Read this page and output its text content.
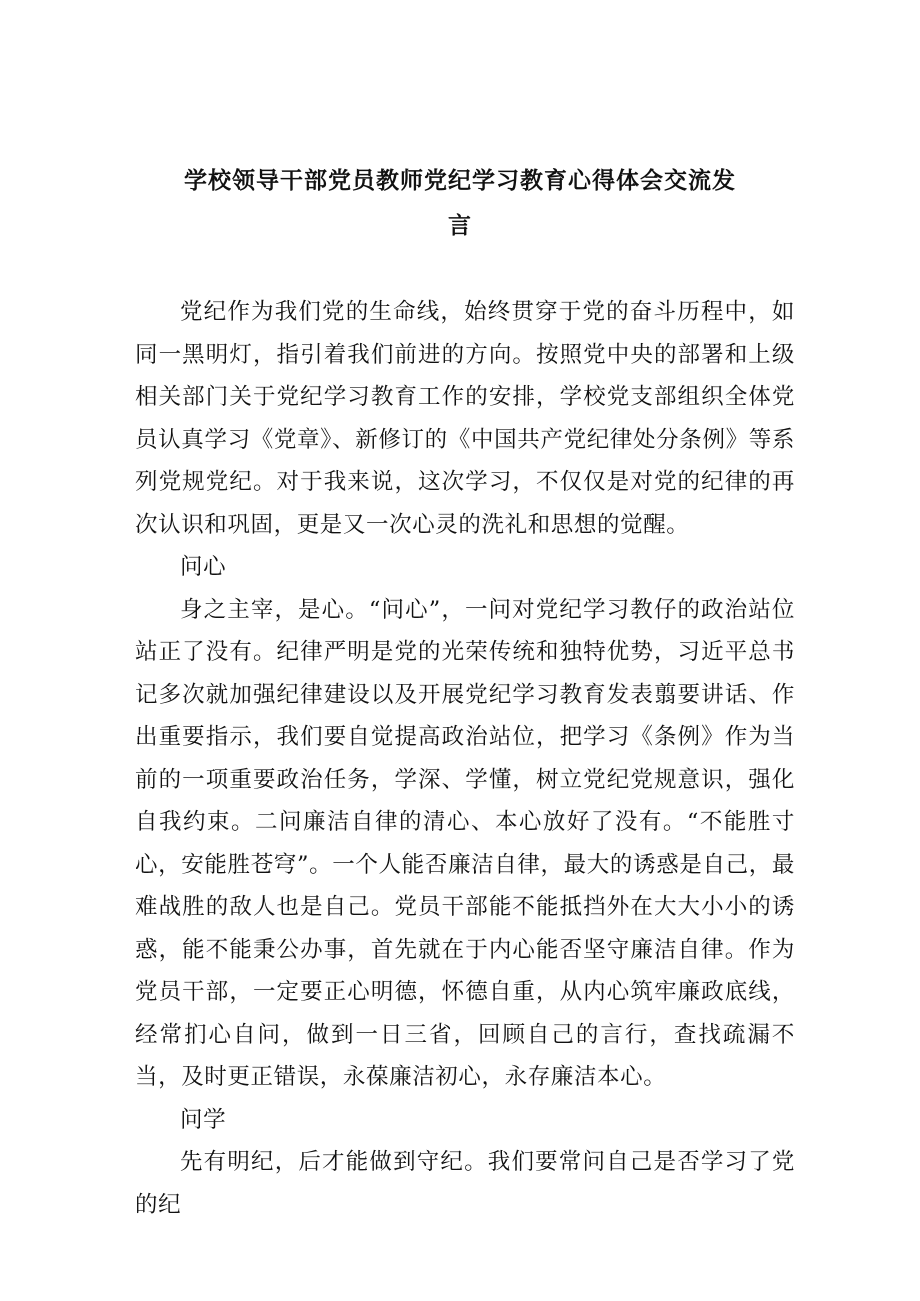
学校领导干部党员教师党纪学习教育心得体会交流发
言

党纪作为我们党的生命线，始终贯穿于党的奋斗历程中，如同一黑明灯，指引着我们前进的方向。按照党中央的部署和上级相关部门关于党纪学习教育工作的安排，学校党支部组织全体党员认真学习《党章》、新修订的《中国共产党纪律处分条例》等系列党规党纪。对于我来说，这次学习，不仅仅是对党的纪律的再次认识和巩固，更是又一次心灵的洗礼和思想的觉醒。

问心

身之主宰，是心。“问心”，一问对党纪学习教仔的政治站位站正了没有。纪律严明是党的光荣传统和独特优势，习近平总书记多次就加强纪律建设以及开展党纪学习教育发表翦要讲话、作出重要指示，我们要自觉提高政治站位，把学习《条例》作为当前的一项重要政治任务，学深、学懂，树立党纪党规意识，强化自我约束。二问廉洁自律的清心、本心放好了没有。“不能胜寸心，安能胜苍穹”。一个人能否廉洁自律，最大的诱惑是自己，最难战胜的敌人也是自己。党员干部能不能抵挡外在大大小小的诱惑，能不能秉公办事，首先就在于内心能否坚守廉洁自律。作为党员干部，一定要正心明德，怀德自重，从内心筑牢廉政底线，经常扪心自问，做到一日三省，回顾自己的言行，查找疏漏不当，及时更正错误，永葆廉洁初心，永存廉洁本心。

问学

先有明纪，后才能做到守纪。我们要常问自己是否学习了党的纪
